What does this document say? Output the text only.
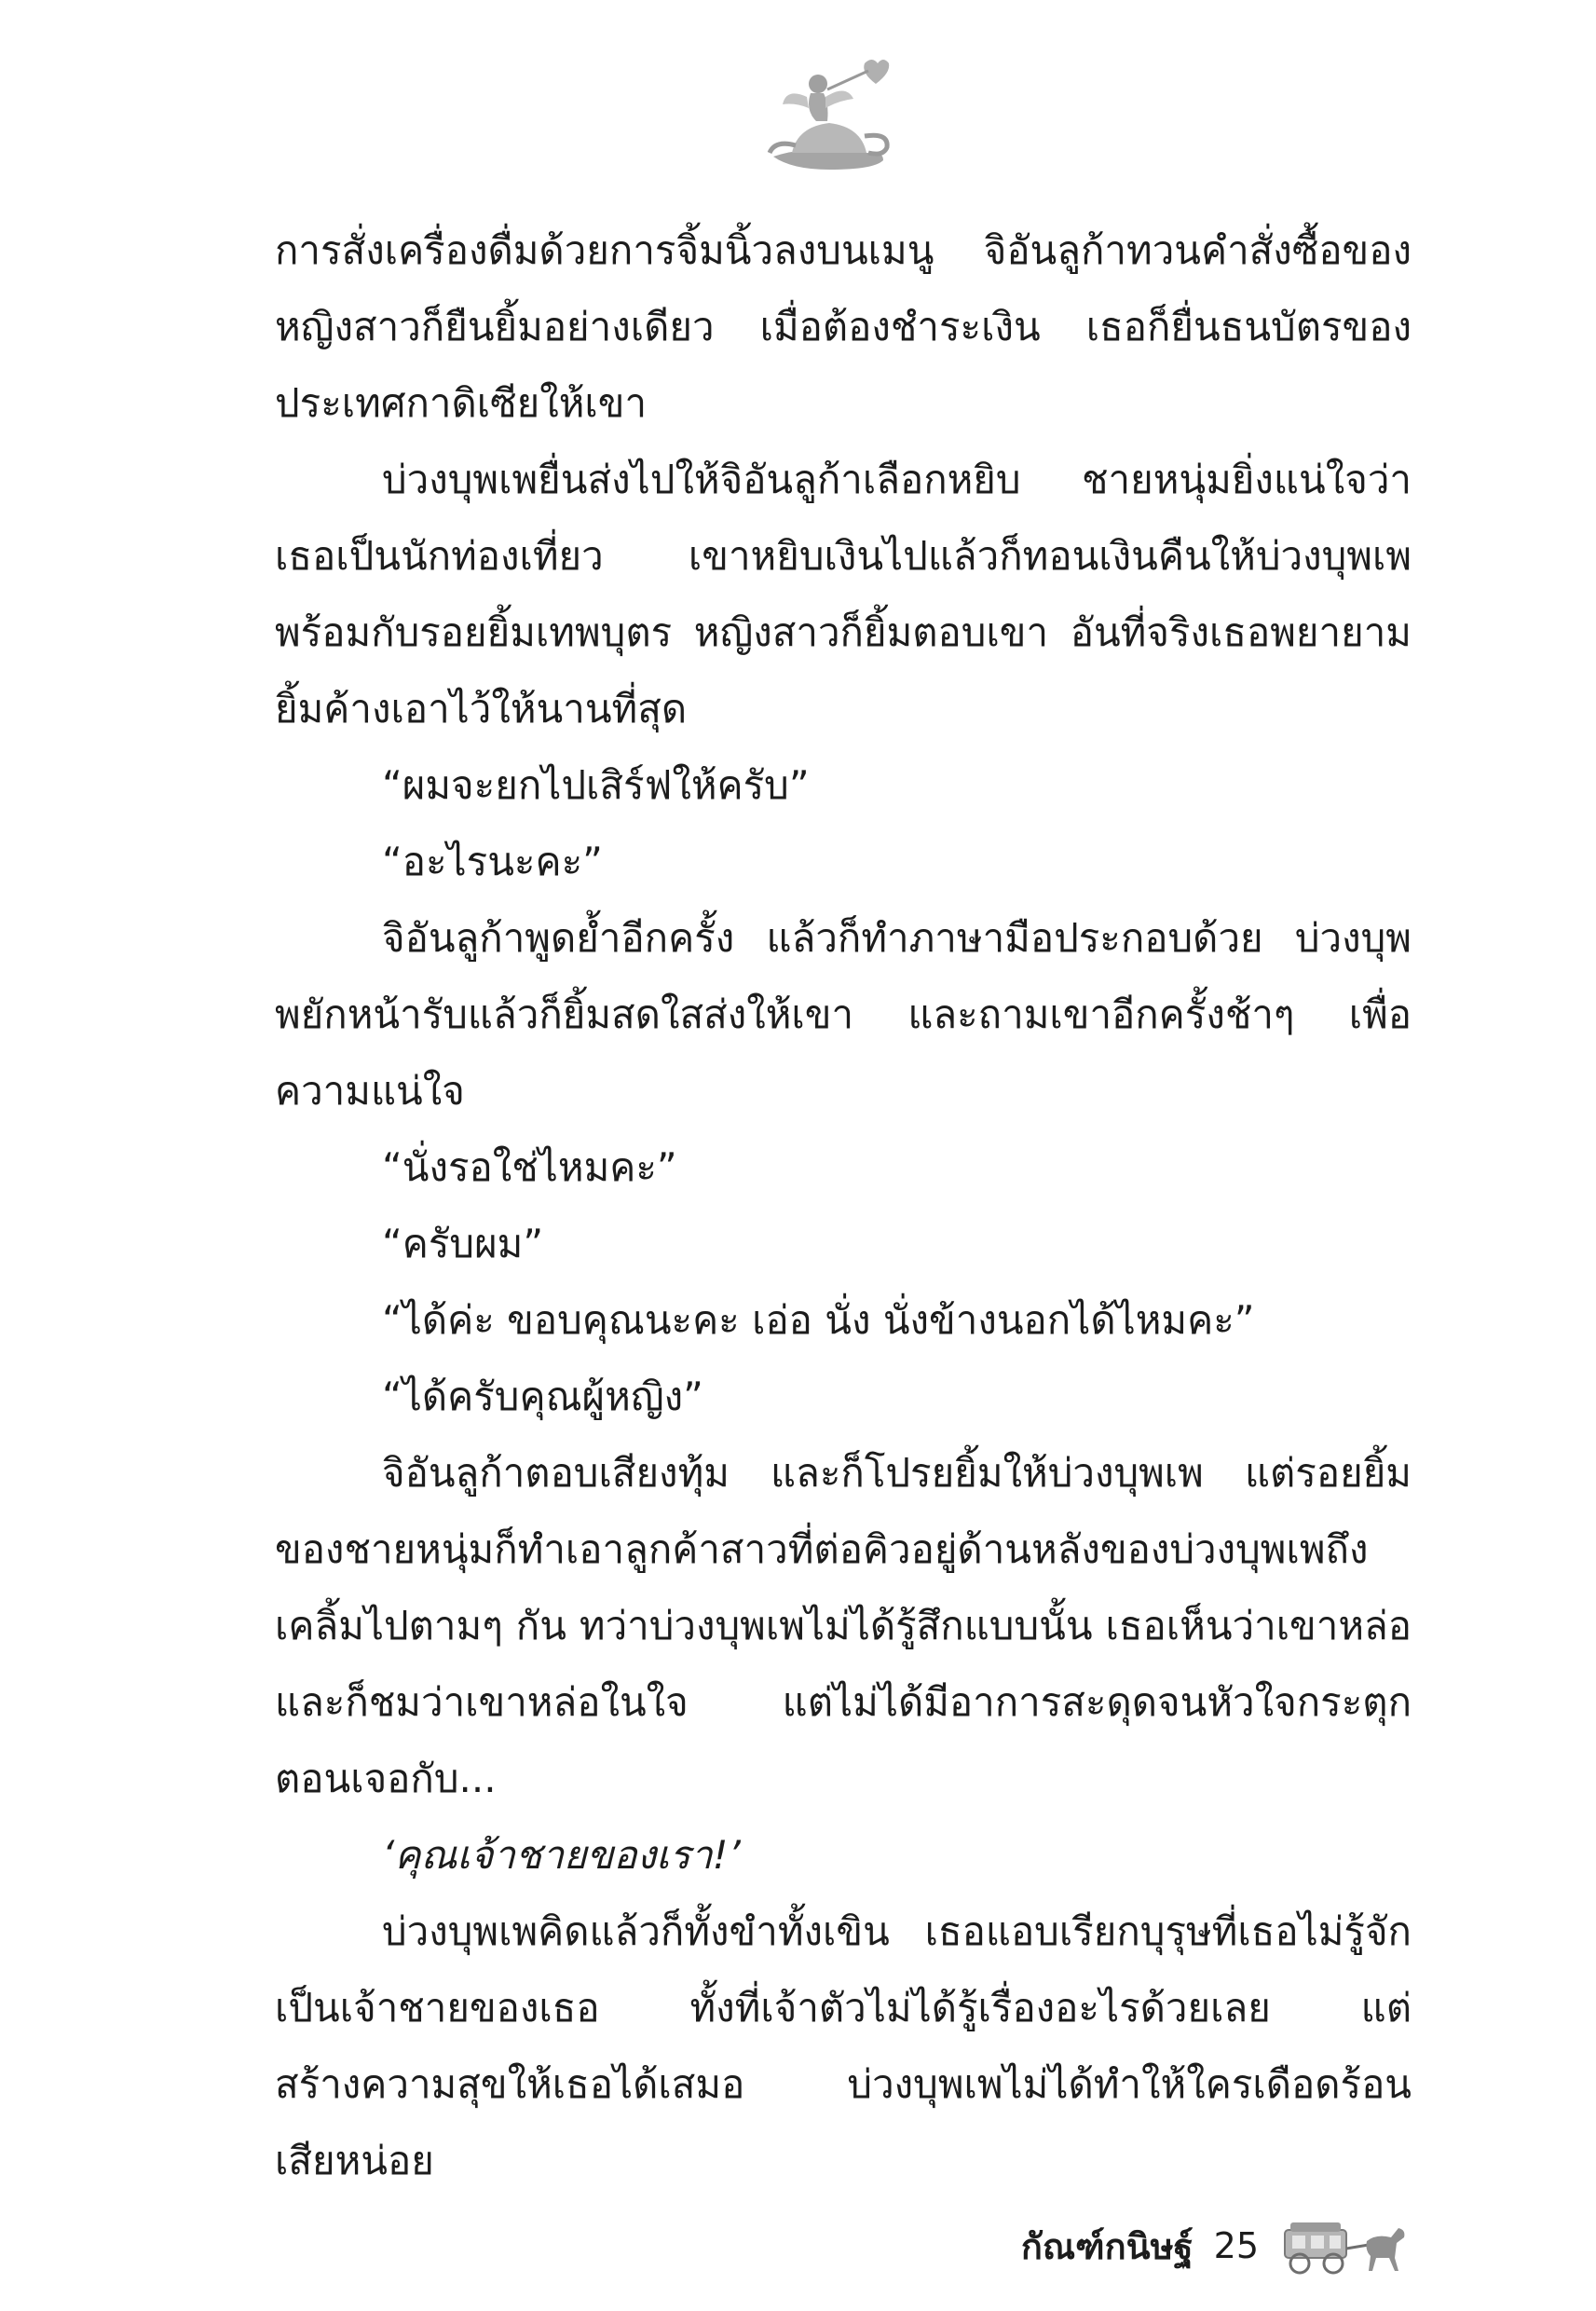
การสั่งเครื่องดื่มด้วยการจิ้มนิ้วลงบนเมนู จิอันลูก้าทวนคำสั่งซื้อของ
หญิงสาวก็ยืนยิ้มอย่างเดียว เมื่อต้องชำระเงิน เธอก็ยื่นธนบัตรของ
ประเทศกาดิเซียให้เขา
บ่วงบุพเพยื่นส่งไปให้จิอันลูก้าเลือกหยิบ ชายหนุ่มยิ่งแน่ใจว่า
เธอเป็นนักท่องเที่ยว เขาหยิบเงินไปแล้วก็ทอนเงินคืนให้บ่วงบุพเพ
พร้อมกับรอยยิ้มเทพบุตร หญิงสาวก็ยิ้มตอบเขา อันที่จริงเธอพยายาม
ยิ้มค้างเอาไว้ให้นานที่สุด
“ผมจะยกไปเสิร์ฟให้ครับ”
“อะไรนะคะ”
จิอันลูก้าพูดย้ำอีกครั้ง แล้วก็ทำภาษามือประกอบด้วย บ่วงบุพ
พยักหน้ารับแล้วก็ยิ้มสดใสส่งให้เขา และถามเขาอีกครั้งช้าๆ เพื่อ
ความแน่ใจ
“นั่งรอใช่ไหมคะ”
“ครับผม”
“ได้ค่ะ ขอบคุณนะคะ เอ่อ นั่ง นั่งข้างนอกได้ไหมคะ”
“ได้ครับคุณผู้หญิง”
จิอันลูก้าตอบเสียงทุ้ม และก็โปรยยิ้มให้บ่วงบุพเพ แต่รอยยิ้ม
ของชายหนุ่มก็ทำเอาลูกค้าสาวที่ต่อคิวอยู่ด้านหลังของบ่วงบุพเพถึง
เคลิ้มไปตามๆ กัน ทว่าบ่วงบุพเพไม่ได้รู้สึกแบบนั้น เธอเห็นว่าเขาหล่อ
และก็ชมว่าเขาหล่อในใจ แต่ไม่ได้มีอาการสะดุดจนหัวใจกระตุก
ตอนเจอกับ...
‘คุณเจ้าชายของเรา!’
บ่วงบุพเพคิดแล้วก็ทั้งขำทั้งเขิน เธอแอบเรียกบุรุษที่เธอไม่รู้จัก
เป็นเจ้าชายของเธอ ทั้งที่เจ้าตัวไม่ได้รู้เรื่องอะไรด้วยเลย แต่
สร้างความสุขให้เธอได้เสมอ บ่วงบุพเพไม่ได้ทำให้ใครเดือดร้อน
เสียหน่อย
กัณฑ์กนิษฐ์ 25
